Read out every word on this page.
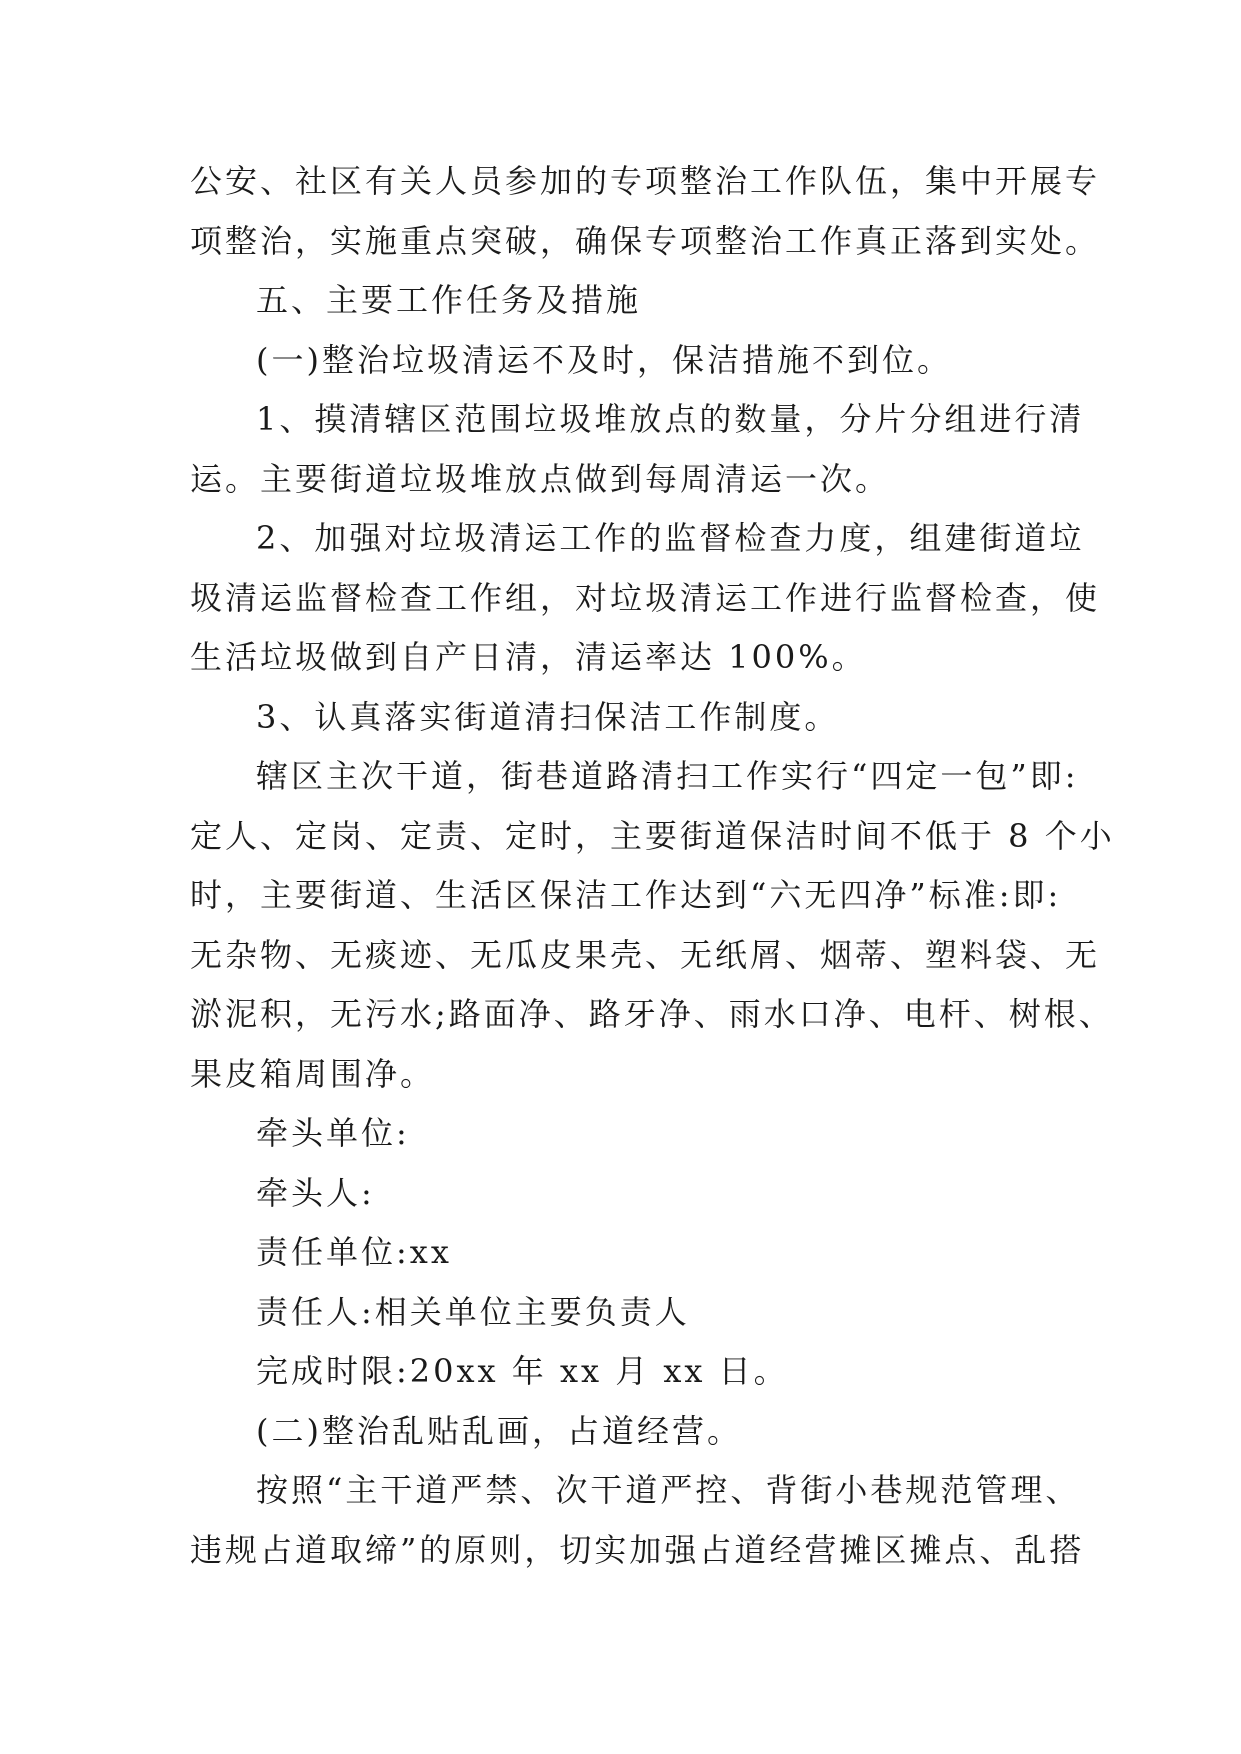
公安、社区有关人员参加的专项整治工作队伍，集中开展专
项整治，实施重点突破，确保专项整治工作真正落到实处。
五、主要工作任务及措施
(一)整治垃圾清运不及时，保洁措施不到位。
1、摸清辖区范围垃圾堆放点的数量，分片分组进行清
运。主要街道垃圾堆放点做到每周清运一次。
2、加强对垃圾清运工作的监督检查力度，组建街道垃
圾清运监督检查工作组，对垃圾清运工作进行监督检查，使
生活垃圾做到自产日清，清运率达 100%。
3、认真落实街道清扫保洁工作制度。
辖区主次干道，街巷道路清扫工作实行“四定一包”即:
定人、定岗、定责、定时，主要街道保洁时间不低于 8 个小
时，主要街道、生活区保洁工作达到“六无四净”标准:即:
无杂物、无痰迹、无瓜皮果壳、无纸屑、烟蒂、塑料袋、无
淤泥积，无污水;路面净、路牙净、雨水口净、电杆、树根、
果皮箱周围净。
牵头单位:
牵头人:
责任单位:xx
责任人:相关单位主要负责人
完成时限:20xx 年 xx 月 xx 日。
(二)整治乱贴乱画，占道经营。
按照“主干道严禁、次干道严控、背街小巷规范管理、
违规占道取缔”的原则，切实加强占道经营摊区摊点、乱搭
